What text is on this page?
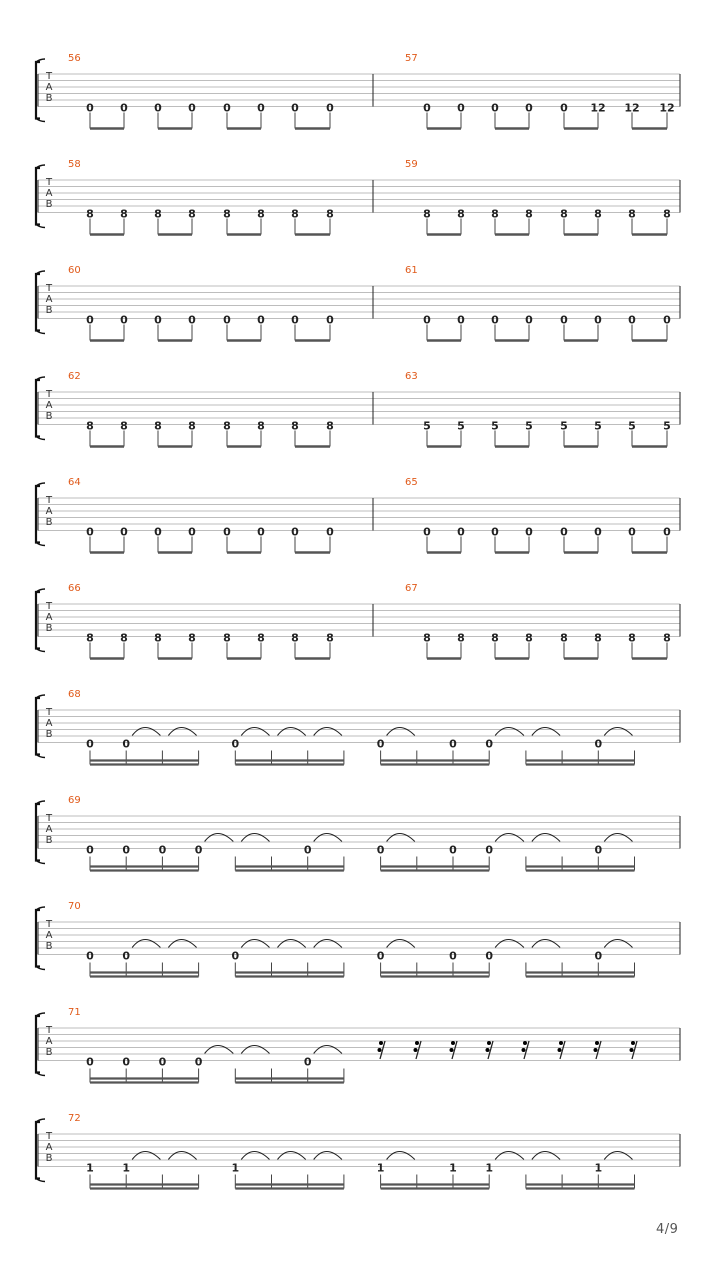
T
A
B
56
0 0 0 0 0 0 0 0
57
0 0 0 0 0 12 12 12
T
A
B
58
8 8 8 8 8 8 8 8
59
8 8 8 8 8 8 8 8
T
A
B
60
0 0 0 0 0 0 0 0
61
0 0 0 0 0 0 0 0
T
A
B
62
8 8 8 8 8 8 8 8
63
5 5 5 5 5 5 5 5
T
A
B
64
0 0 0 0 0 0 0 0
65
0 0 0 0 0 0 0 0
T
A
B
66
8 8 8 8 8 8 8 8
67
8 8 8 8 8 8 8 8
T
A
B
68
0	0	0	0	0	0	0
T
A
B
69
0	0	0	0	0	0	0	0	0
T
A
B
70
0	0	0	0	0	0	0
T
A
B
71
0	0	0	0	0
T
A
B
72
1	1	1	1	1	1	1
4/9
